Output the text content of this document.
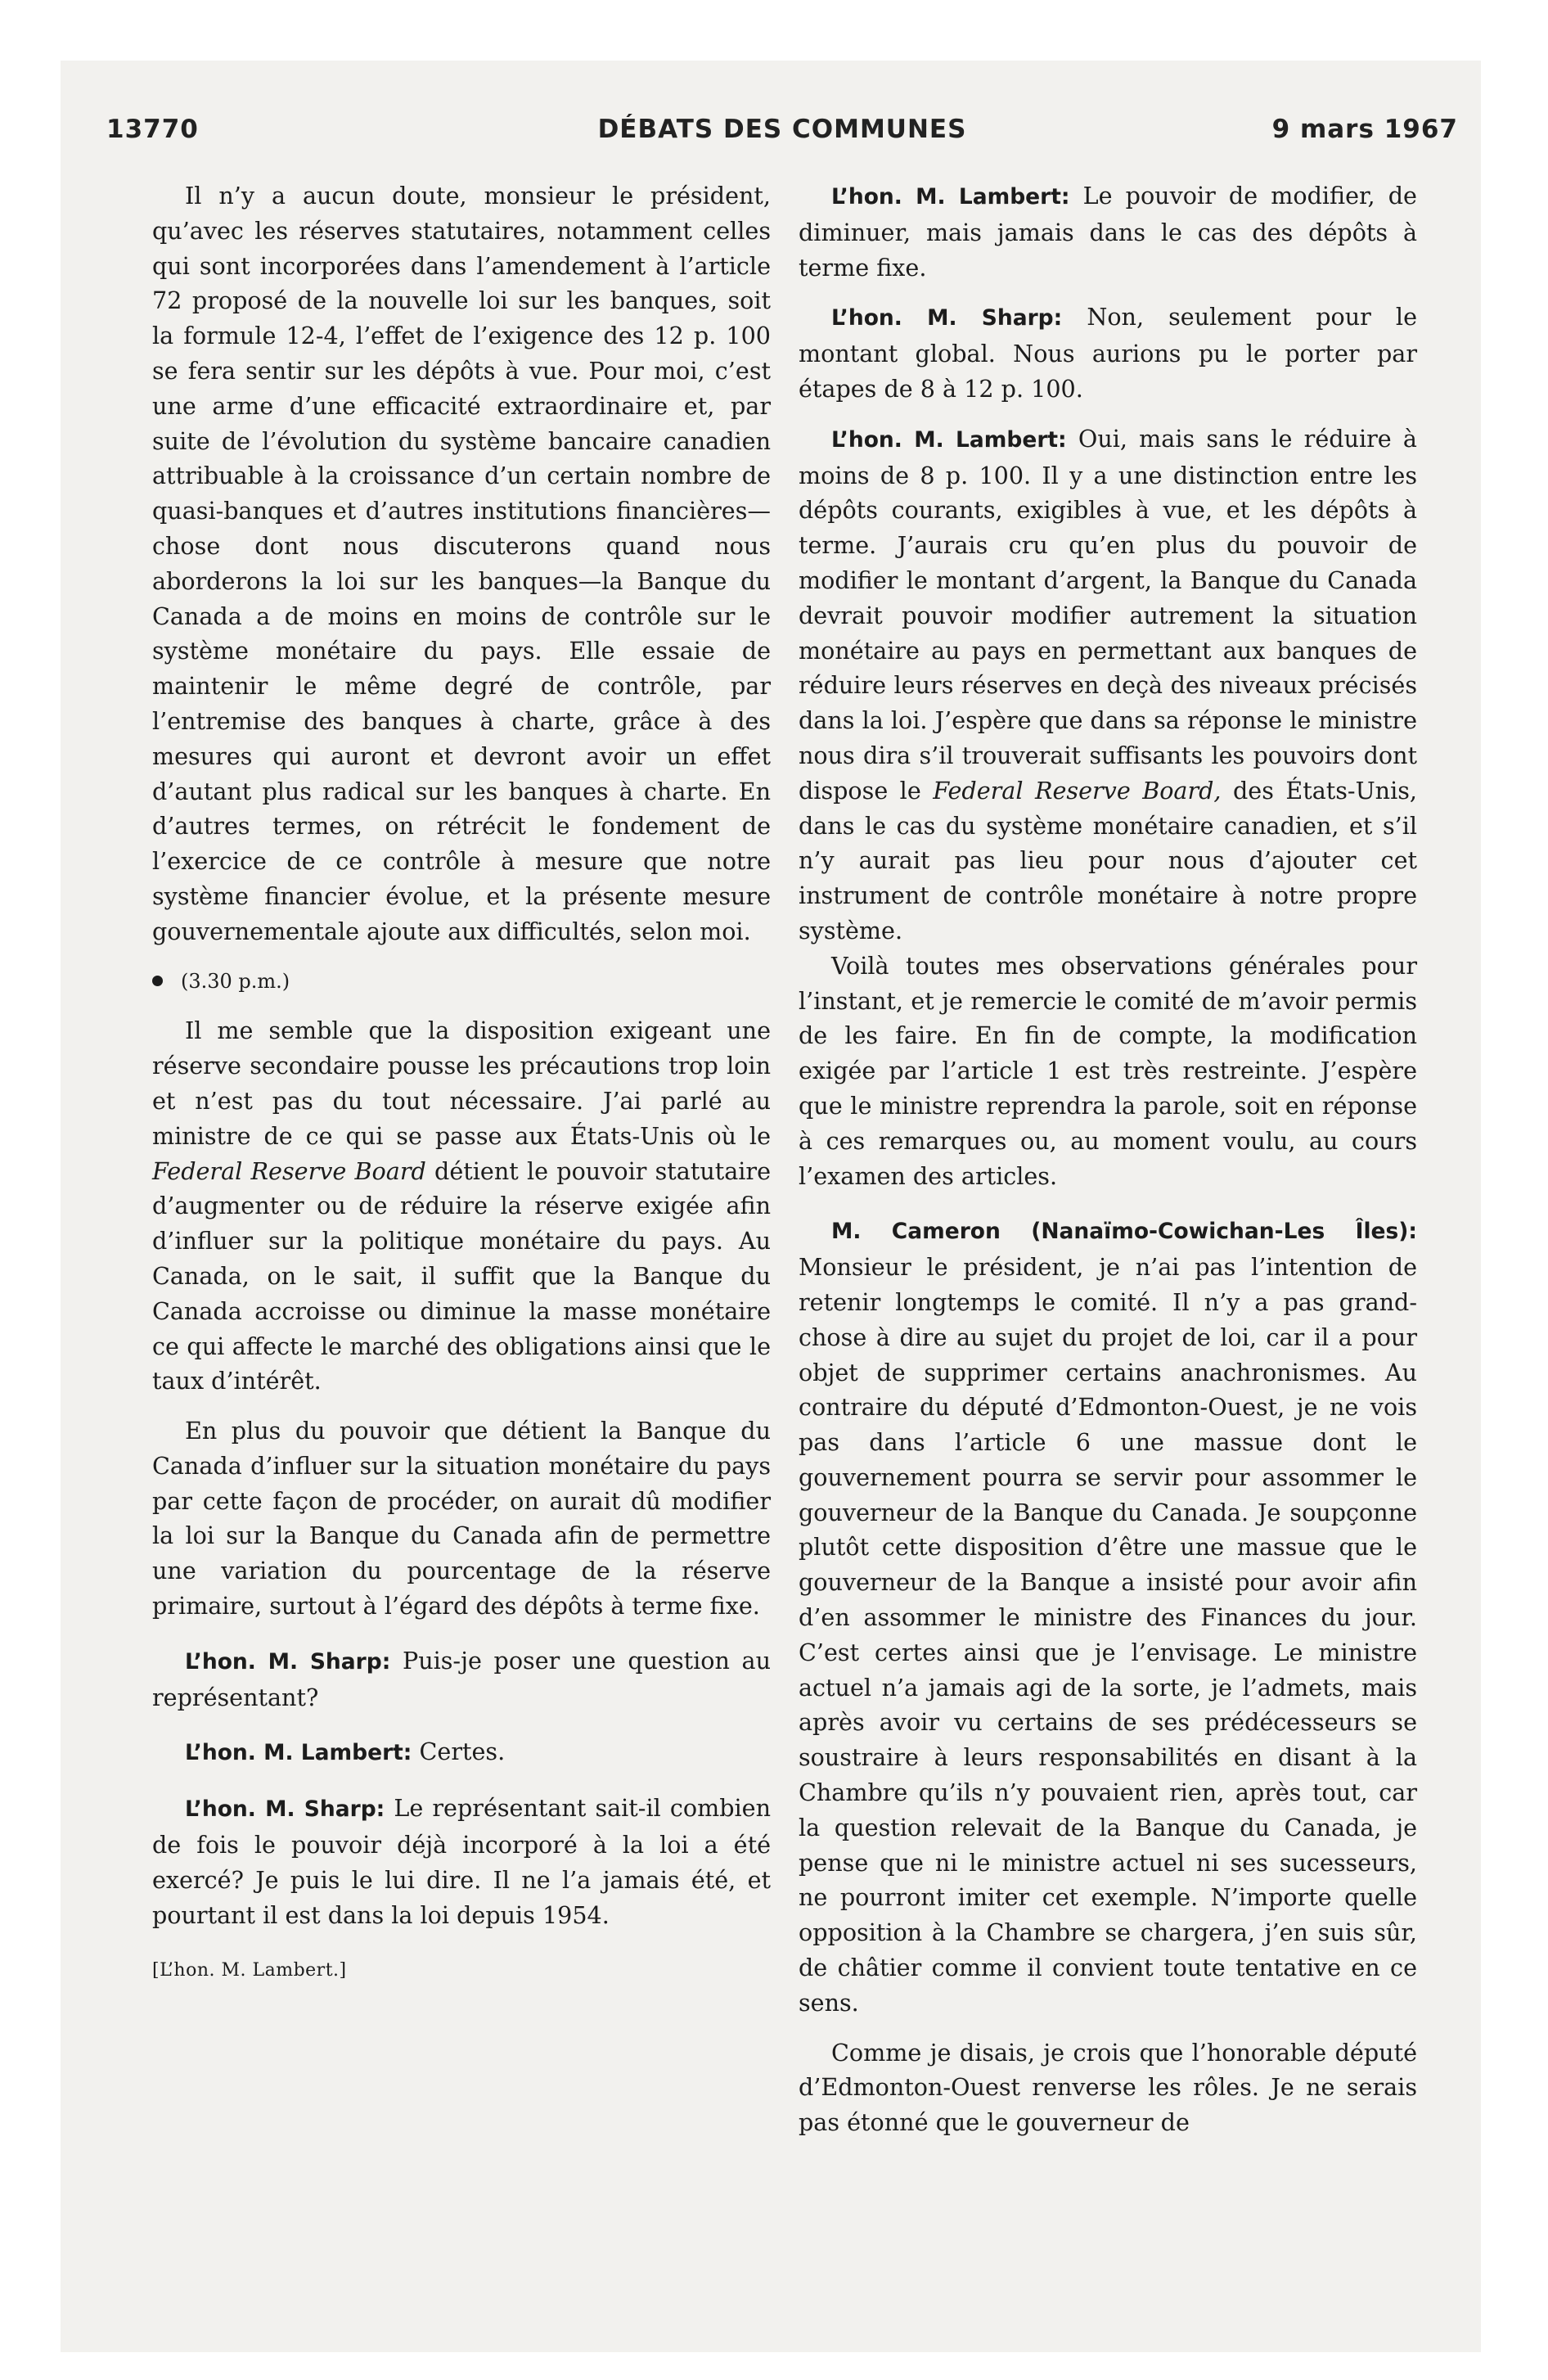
13770	DÉBATS DES COMMUNES	9 mars 1967

Il n’y a aucun doute, monsieur le président, qu’avec les réserves statutaires, notamment celles qui sont incorporées dans l’amendement à l’article 72 proposé de la nouvelle loi sur les banques, soit la formule 12-4, l’effet de l’exigence des 12 p. 100 se fera sentir sur les dépôts à vue. Pour moi, c’est une arme d’une efficacité extraordinaire et, par suite de l’évolution du système bancaire canadien attribuable à la croissance d’un certain nombre de quasi-banques et d’autres institutions financières—chose dont nous discuterons quand nous aborderons la loi sur les banques—la Banque du Canada a de moins en moins de contrôle sur le système monétaire du pays. Elle essaie de maintenir le même degré de contrôle, par l’entremise des banques à charte, grâce à des mesures qui auront et devront avoir un effet d’autant plus radical sur les banques à charte. En d’autres termes, on rétrécit le fondement de l’exercice de ce contrôle à mesure que notre système financier évolue, et la présente mesure gouvernementale ajoute aux difficultés, selon moi.

(3.30 p.m.)

Il me semble que la disposition exigeant une réserve secondaire pousse les précautions trop loin et n’est pas du tout nécessaire. J’ai parlé au ministre de ce qui se passe aux États-Unis où le Federal Reserve Board détient le pouvoir statutaire d’augmenter ou de réduire la réserve exigée afin d’influer sur la politique monétaire du pays. Au Canada, on le sait, il suffit que la Banque du Canada accroisse ou diminue la masse monétaire ce qui affecte le marché des obligations ainsi que le taux d’intérêt.

En plus du pouvoir que détient la Banque du Canada d’influer sur la situation monétaire du pays par cette façon de procéder, on aurait dû modifier la loi sur la Banque du Canada afin de permettre une variation du pourcentage de la réserve primaire, surtout à l’égard des dépôts à terme fixe.

L’hon. M. Sharp: Puis-je poser une question au représentant?

L’hon. M. Lambert: Certes.

L’hon. M. Sharp: Le représentant sait-il combien de fois le pouvoir déjà incorporé à la loi a été exercé? Je puis le lui dire. Il ne l’a jamais été, et pourtant il est dans la loi depuis 1954.

[L’hon. M. Lambert.]

L’hon. M. Lambert: Le pouvoir de modifier, de diminuer, mais jamais dans le cas des dépôts à terme fixe.

L’hon. M. Sharp: Non, seulement pour le montant global. Nous aurions pu le porter par étapes de 8 à 12 p. 100.

L’hon. M. Lambert: Oui, mais sans le réduire à moins de 8 p. 100. Il y a une distinction entre les dépôts courants, exigibles à vue, et les dépôts à terme. J’aurais cru qu’en plus du pouvoir de modifier le montant d’argent, la Banque du Canada devrait pouvoir modifier autrement la situation monétaire au pays en permettant aux banques de réduire leurs réserves en deçà des niveaux précisés dans la loi. J’espère que dans sa réponse le ministre nous dira s’il trouverait suffisants les pouvoirs dont dispose le Federal Reserve Board, des États-Unis, dans le cas du système monétaire canadien, et s’il n’y aurait pas lieu pour nous d’ajouter cet instrument de contrôle monétaire à notre propre système.

Voilà toutes mes observations générales pour l’instant, et je remercie le comité de m’avoir permis de les faire. En fin de compte, la modification exigée par l’article 1 est très restreinte. J’espère que le ministre reprendra la parole, soit en réponse à ces remarques ou, au moment voulu, au cours l’examen des articles.

M. Cameron (Nanaïmo-Cowichan-Les Îles): Monsieur le président, je n’ai pas l’intention de retenir longtemps le comité. Il n’y a pas grand-chose à dire au sujet du projet de loi, car il a pour objet de supprimer certains anachronismes. Au contraire du député d’Edmonton-Ouest, je ne vois pas dans l’article 6 une massue dont le gouvernement pourra se servir pour assommer le gouverneur de la Banque du Canada. Je soupçonne plutôt cette disposition d’être une massue que le gouverneur de la Banque a insisté pour avoir afin d’en assommer le ministre des Finances du jour. C’est certes ainsi que je l’envisage. Le ministre actuel n’a jamais agi de la sorte, je l’admets, mais après avoir vu certains de ses prédécesseurs se soustraire à leurs responsabilités en disant à la Chambre qu’ils n’y pouvaient rien, après tout, car la question relevait de la Banque du Canada, je pense que ni le ministre actuel ni ses sucesseurs, ne pourront imiter cet exemple. N’importe quelle opposition à la Chambre se chargera, j’en suis sûr, de châtier comme il convient toute tentative en ce sens.

Comme je disais, je crois que l’honorable député d’Edmonton-Ouest renverse les rôles. Je ne serais pas étonné que le gouverneur de
